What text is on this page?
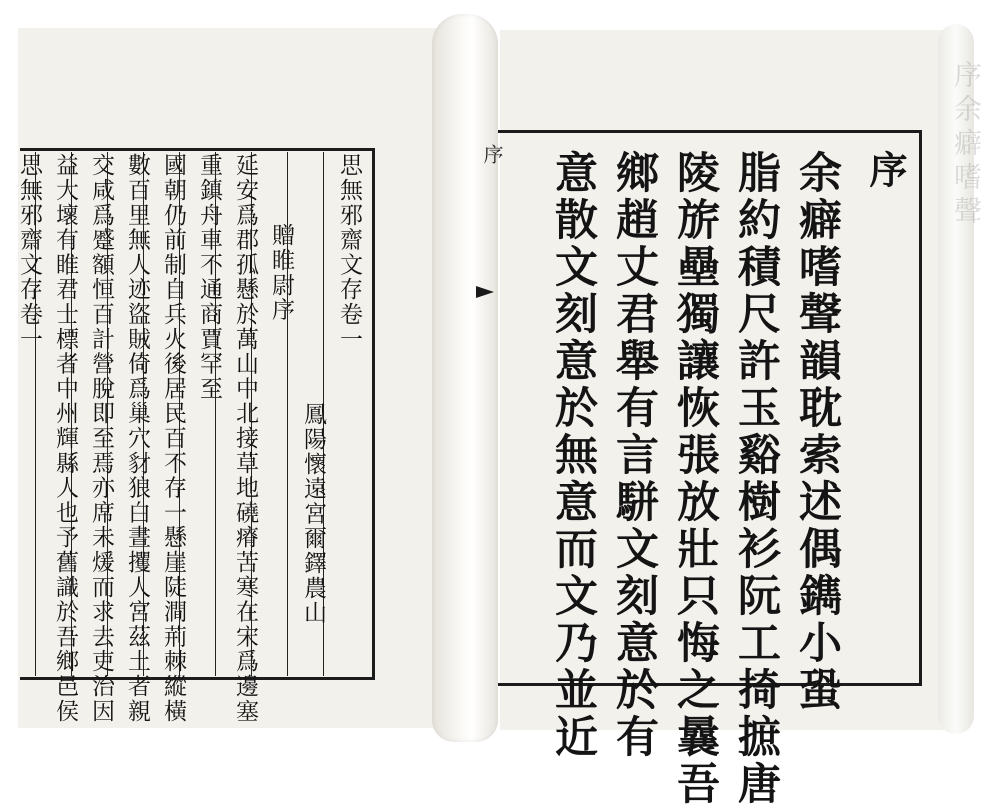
序余癖嗜聲
思無邪齋文存卷一
鳳陽懷遠宮爾鐸農山
贈睢尉序
延安爲郡孤懸於萬山中北接草地磽瘠苦寒在宋爲邊塞
重鎮舟車不通商賈罕至
國朝仍前制自兵火後居民百不存一懸崖陡澗荊棘縱橫
數百里無人迹盜賊倚爲巢穴豺狼白晝攫人宮茲土者親
交咸爲蹙額恒百計營脫即至焉亦席未煖而求去吏治因
益大壞有睢君士標者中州輝縣人也予舊識於吾鄉邑侯
思無邪齋文存卷一	序	序
余癖嗜聲韻耽索述偶鐫小蛩
脂約積尺許玉谿樹衫阮工掎摭唐
陵旂壘獨讓恢張放壯只悔之曩吾
鄉趙丈君舉有言駢文刻意於有
意散文刻意於無意而文乃並近
